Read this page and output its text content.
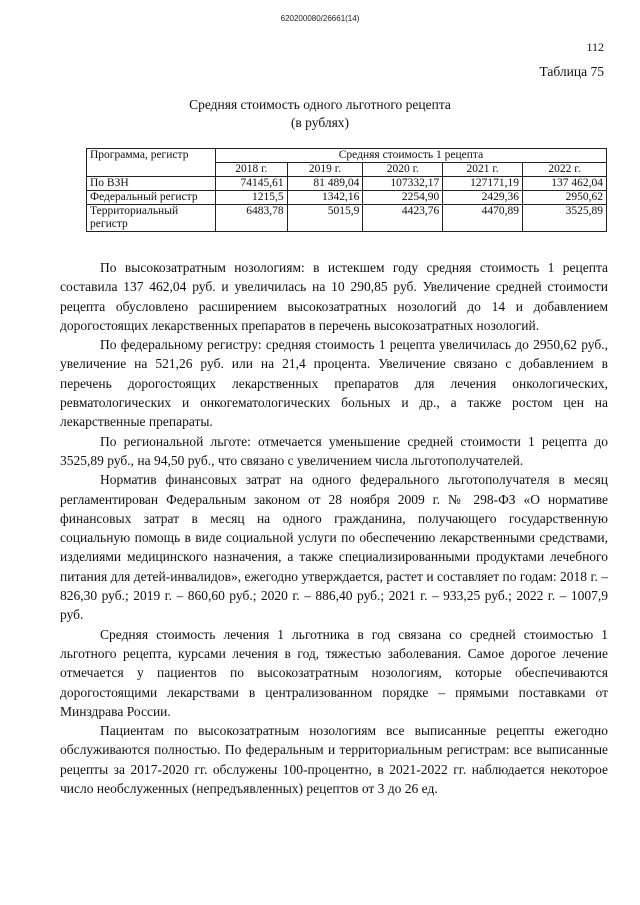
620200080/26661(14)
112
Таблица 75
Средняя стоимость одного льготного рецепта
(в рублях)
Программа, регистр	Средняя стоимость 1 рецепта				
	2018 г.	2019 г.	2020 г.	2021 г.	2022 г.
По ВЗН	74145,61	81 489,04	107332,17	127171,19	137 462,04
Федеральный регистр	1215,5	1342,16	2254,90	2429,36	2950,62
Территориальный регистр	6483,78	5015,9	4423,76	4470,89	3525,89

По высокозатратным нозологиям: в истекшем году средняя стоимость 1 рецепта составила 137 462,04 руб. и увеличилась на 10 290,85 руб. Увеличение средней стоимости рецепта обусловлено расширением высокозатратных нозологий до 14 и добавлением дорогостоящих лекарственных препаратов в перечень высокозатратных нозологий.

По федеральному регистру: средняя стоимость 1 рецепта увеличилась до 2950,62 руб., увеличение на 521,26 руб. или на 21,4 процента. Увеличение связано с добавлением в перечень дорогостоящих лекарственных препаратов для лечения онкологических, ревматологических и онкогематологических больных и др., а также ростом цен на лекарственные препараты.

По региональной льготе: отмечается уменьшение средней стоимости 1 рецепта до 3525,89 руб., на 94,50 руб., что связано с увеличением числа льготополучателей.

Норматив финансовых затрат на одного федерального льготополучателя в месяц регламентирован Федеральным законом от 28 ноября 2009 г. № 298-ФЗ «О нормативе финансовых затрат в месяц на одного гражданина, получающего государственную социальную помощь в виде социальной услуги по обеспечению лекарственными средствами, изделиями медицинского назначения, а также специализированными продуктами лечебного питания для детей-инвалидов», ежегодно утверждается, растет и составляет по годам: 2018 г. – 826,30 руб.; 2019 г. – 860,60 руб.; 2020 г. – 886,40 руб.; 2021 г. – 933,25 руб.; 2022 г. – 1007,9 руб.

Средняя стоимость лечения 1 льготника в год связана со средней стоимостью 1 льготного рецепта, курсами лечения в год, тяжестью заболевания. Самое дорогое лечение отмечается у пациентов по высокозатратным нозологиям, которые обеспечиваются дорогостоящими лекарствами в централизованном порядке – прямыми поставками от Минздрава России.

Пациентам по высокозатратным нозологиям все выписанные рецепты ежегодно обслуживаются полностью. По федеральным и территориальным регистрам: все выписанные рецепты за 2017-2020 гг. обслужены 100-процентно, в 2021-2022 гг. наблюдается некоторое число необслуженных (непредъявленных) рецептов от 3 до 26 ед.
